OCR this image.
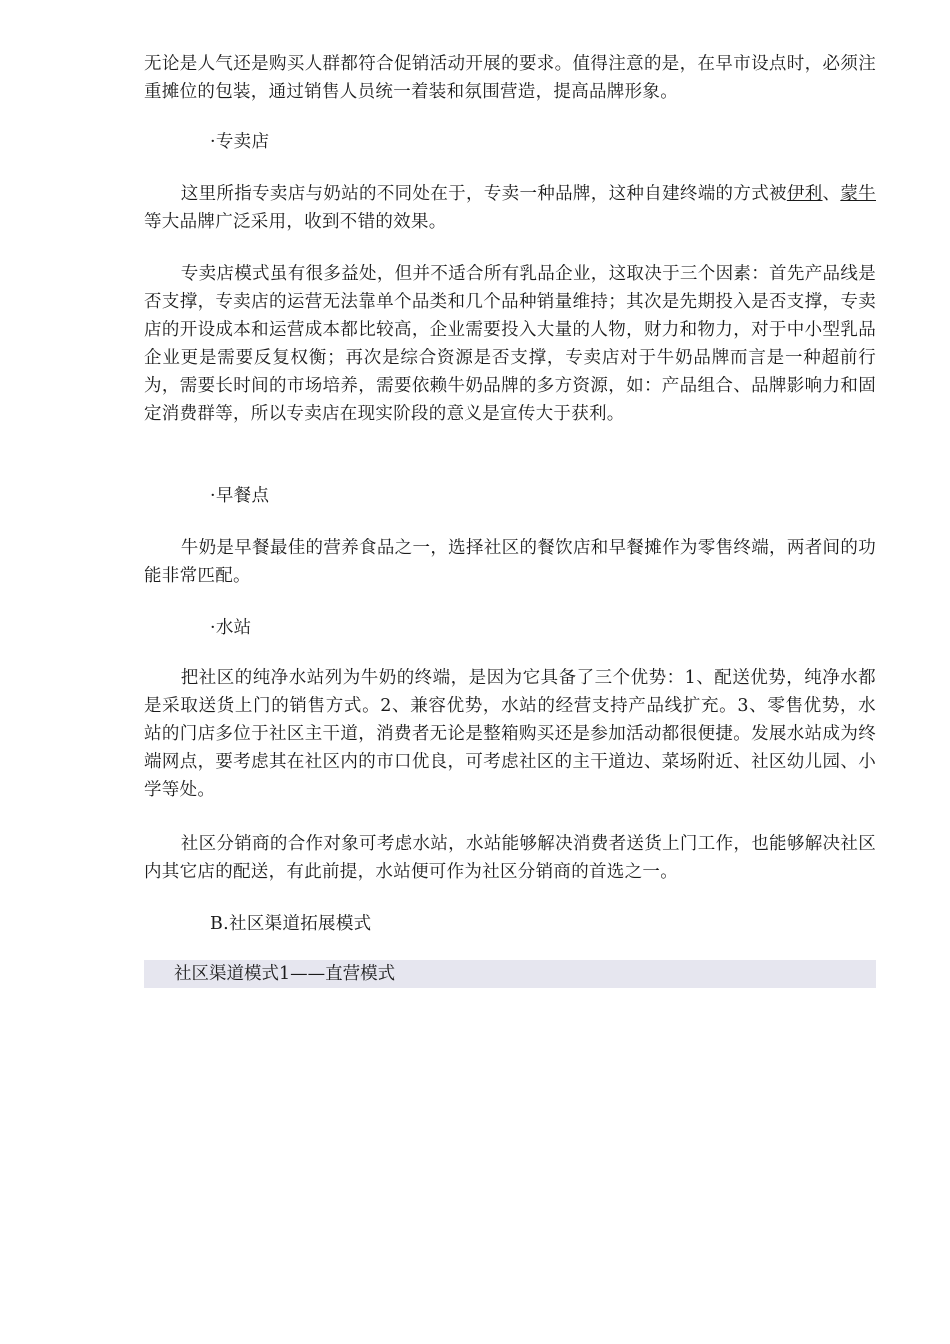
无论是人气还是购买人群都符合促销活动开展的要求。值得注意的是，在早市设点时，必须注重摊位的包装，通过销售人员统一着装和氛围营造，提高品牌形象。

·专卖店

这里所指专卖店与奶站的不同处在于，专卖一种品牌，这种自建终端的方式被伊利、蒙牛等大品牌广泛采用，收到不错的效果。

专卖店模式虽有很多益处，但并不适合所有乳品企业，这取决于三个因素：首先产品线是否支撑，专卖店的运营无法靠单个品类和几个品种销量维持；其次是先期投入是否支撑，专卖店的开设成本和运营成本都比较高，企业需要投入大量的人物，财力和物力，对于中小型乳品企业更是需要反复权衡；再次是综合资源是否支撑，专卖店对于牛奶品牌而言是一种超前行为，需要长时间的市场培养，需要依赖牛奶品牌的多方资源，如：产品组合、品牌影响力和固定消费群等，所以专卖店在现实阶段的意义是宣传大于获利。

·早餐点

牛奶是早餐最佳的营养食品之一，选择社区的餐饮店和早餐摊作为零售终端，两者间的功能非常匹配。

·水站

把社区的纯净水站列为牛奶的终端，是因为它具备了三个优势：1、配送优势，纯净水都是采取送货上门的销售方式。2、兼容优势，水站的经营支持产品线扩充。3、零售优势，水站的门店多位于社区主干道，消费者无论是整箱购买还是参加活动都很便捷。发展水站成为终端网点，要考虑其在社区内的市口优良，可考虑社区的主干道边、菜场附近、社区幼儿园、小学等处。

社区分销商的合作对象可考虑水站，水站能够解决消费者送货上门工作，也能够解决社区内其它店的配送，有此前提，水站便可作为社区分销商的首选之一。

B.社区渠道拓展模式

社区渠道模式1——直营模式
